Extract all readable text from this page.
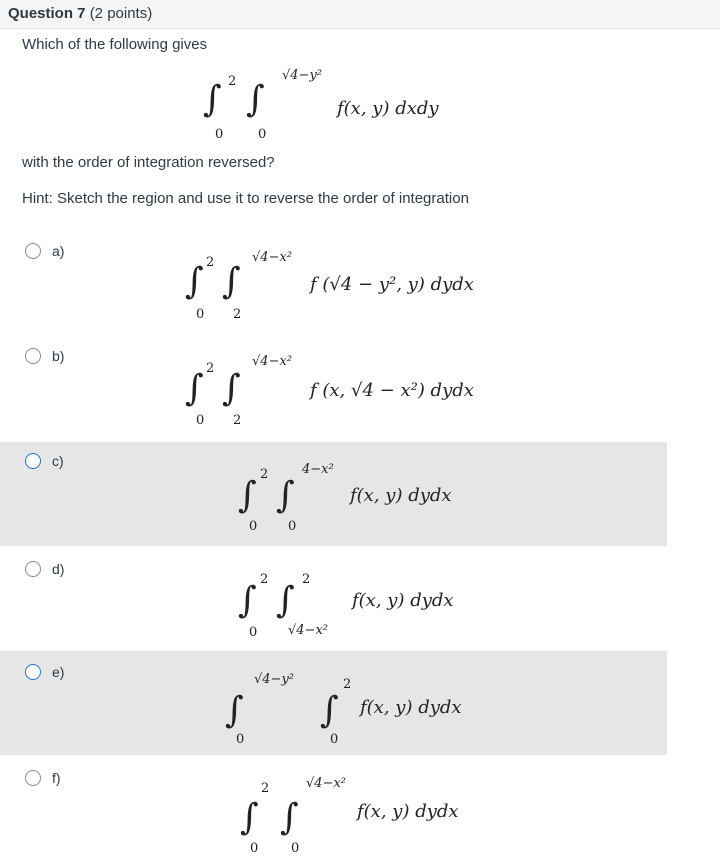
Question 7 (2 points)
Which of the following gives
∫ 2
0
∫
√4−y²
0
f(x, y) dxdy
with the order of integration reversed?
Hint: Sketch the region and use it to reverse the order of integration
a)
∫ 2
0
∫
√4−x²
2
f (√4 − y², y) dydx
b)
∫ 2
0
∫
√4−x²
2
f (x, √4 − x²) dydx
c)
∫
2
0
∫
4−x²
0
f(x, y) dydx
d)
∫
2
0
∫
2
√4−x²
f(x, y) dydx
e)
∫
√4−y²
0
∫
2
0
f(x, y) dydx
f)
∫
2
0
∫
√4−x²
0
f(x, y) dydx
